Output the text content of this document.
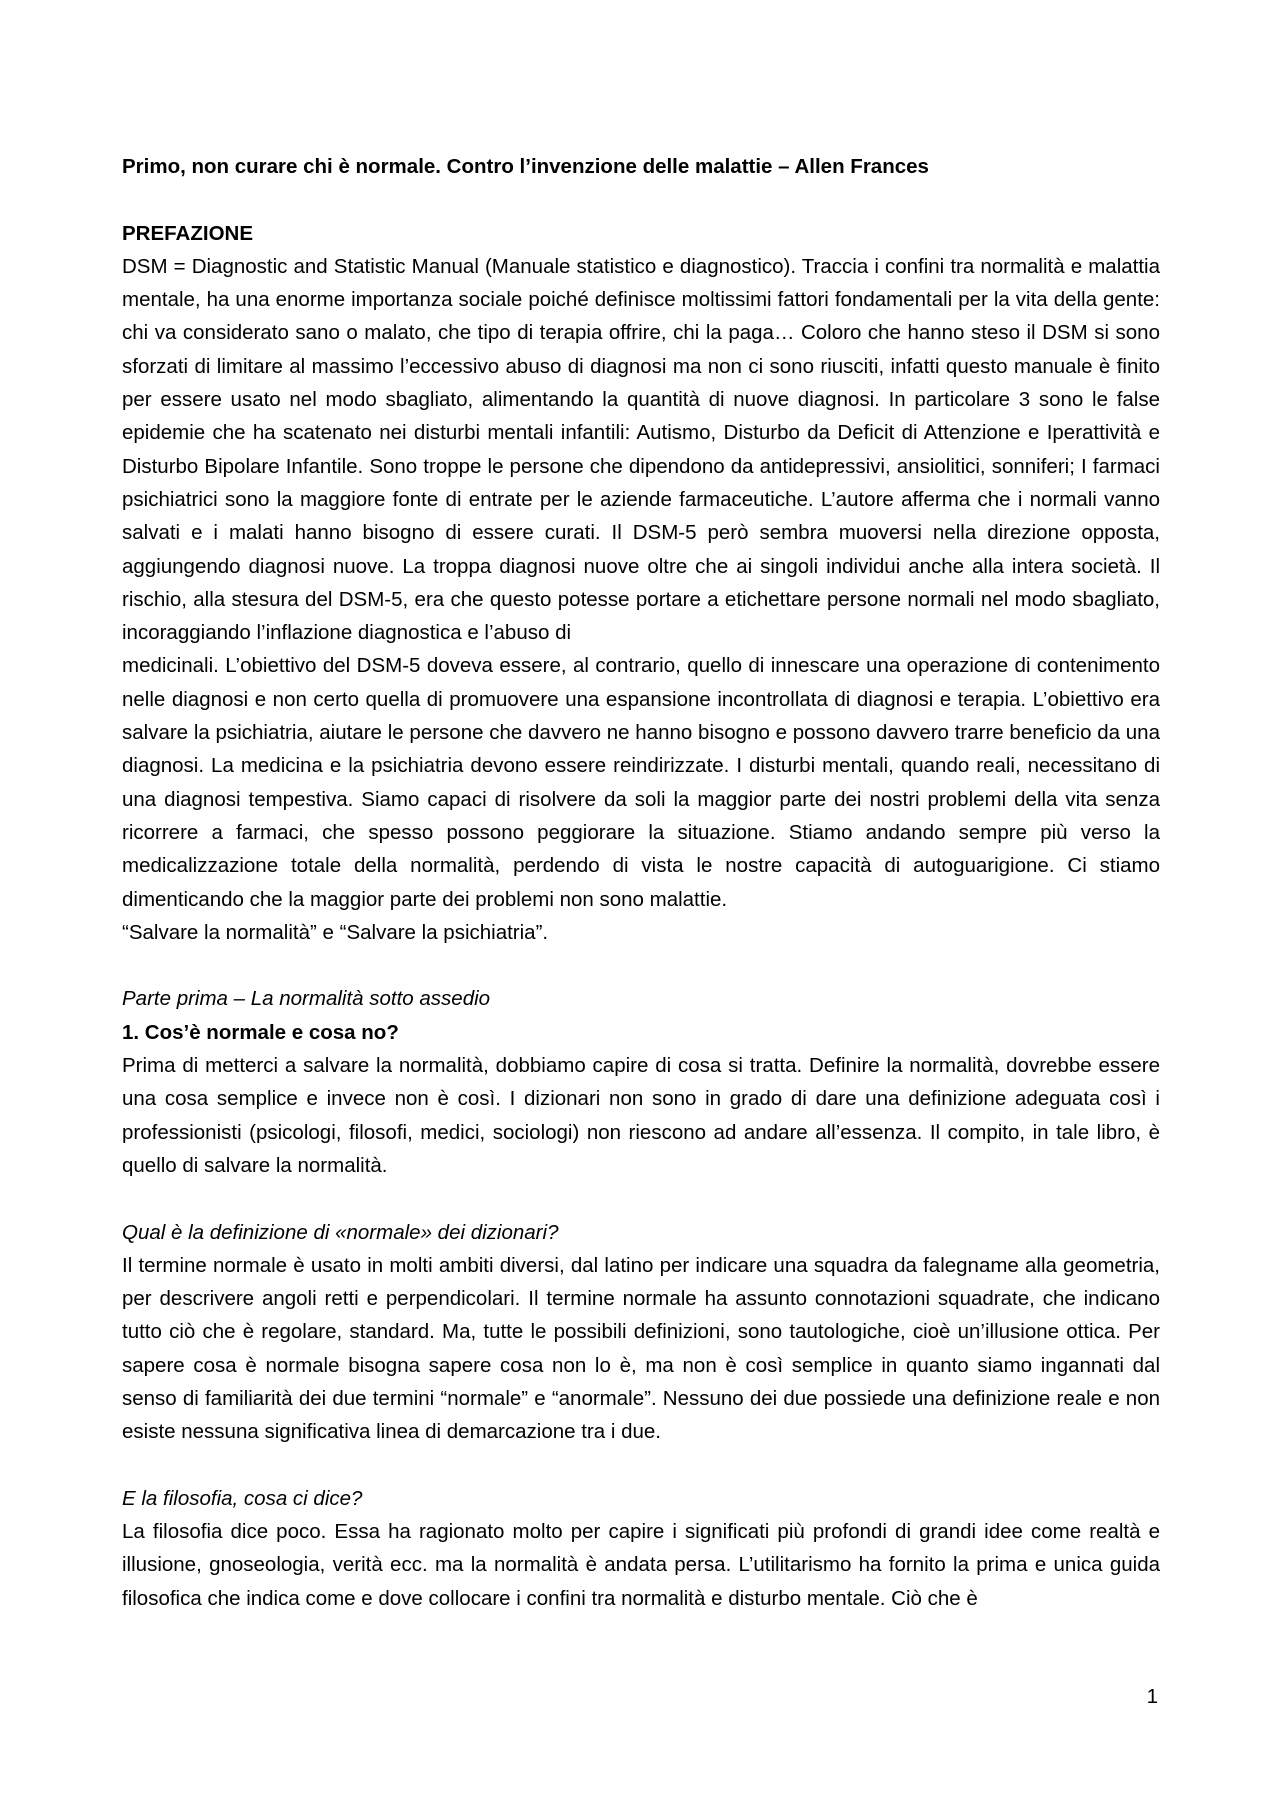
Primo, non curare chi è normale. Contro l’invenzione delle malattie – Allen Frances

PREFAZIONE

DSM = Diagnostic and Statistic Manual (Manuale statistico e diagnostico). Traccia i confini tra normalità e malattia mentale, ha una enorme importanza sociale poiché definisce moltissimi fattori fondamentali per la vita della gente: chi va considerato sano o malato, che tipo di terapia offrire, chi la paga… Coloro che hanno steso il DSM si sono sforzati di limitare al massimo l’eccessivo abuso di diagnosi ma non ci sono riusciti, infatti questo manuale è finito per essere usato nel modo sbagliato, alimentando la quantità di nuove diagnosi. In particolare 3 sono le false epidemie che ha scatenato nei disturbi mentali infantili: Autismo, Disturbo da Deficit di Attenzione e Iperattività e Disturbo Bipolare Infantile. Sono troppe le persone che dipendono da antidepressivi, ansiolitici, sonniferi; I farmaci psichiatrici sono la maggiore fonte di entrate per le aziende farmaceutiche. L’autore afferma che i normali vanno salvati e i malati hanno bisogno di essere curati. Il DSM-5 però sembra muoversi nella direzione opposta, aggiungendo diagnosi nuove. La troppa diagnosi nuove oltre che ai singoli individui anche alla intera società. Il rischio, alla stesura del DSM-5, era che questo potesse portare a etichettare persone normali nel modo sbagliato, incoraggiando l’inflazione diagnostica e l’abuso di

medicinali. L’obiettivo del DSM-5 doveva essere, al contrario, quello di innescare una operazione di contenimento nelle diagnosi e non certo quella di promuovere una espansione incontrollata di diagnosi e terapia. L’obiettivo era salvare la psichiatria, aiutare le persone che davvero ne hanno bisogno e possono davvero trarre beneficio da una diagnosi. La medicina e la psichiatria devono essere reindirizzate. I disturbi mentali, quando reali, necessitano di una diagnosi tempestiva. Siamo capaci di risolvere da soli la maggior parte dei nostri problemi della vita senza ricorrere a farmaci, che spesso possono peggiorare la situazione. Stiamo andando sempre più verso la medicalizzazione totale della normalità, perdendo di vista le nostre capacità di autoguarigione. Ci stiamo dimenticando che la maggior parte dei problemi non sono malattie.

“Salvare la normalità” e “Salvare la psichiatria”.

Parte prima – La normalità sotto assedio

1. Cos’è normale e cosa no?

Prima di metterci a salvare la normalità, dobbiamo capire di cosa si tratta. Definire la normalità, dovrebbe essere una cosa semplice e invece non è così. I dizionari non sono in grado di dare una definizione adeguata così i professionisti (psicologi, filosofi, medici, sociologi) non riescono ad andare all’essenza. Il compito, in tale libro, è quello di salvare la normalità.

Qual è la definizione di «normale» dei dizionari?

Il termine normale è usato in molti ambiti diversi, dal latino per indicare una squadra da falegname alla geometria, per descrivere angoli retti e perpendicolari. Il termine normale ha assunto connotazioni squadrate, che indicano tutto ciò che è regolare, standard. Ma, tutte le possibili definizioni, sono tautologiche, cioè un’illusione ottica. Per sapere cosa è normale bisogna sapere cosa non lo è, ma non è così semplice in quanto siamo ingannati dal senso di familiarità dei due termini “normale” e “anormale”. Nessuno dei due possiede una definizione reale e non esiste nessuna significativa linea di demarcazione tra i due.

E la filosofia, cosa ci dice?

La filosofia dice poco. Essa ha ragionato molto per capire i significati più profondi di grandi idee come realtà e illusione, gnoseologia, verità ecc. ma la normalità è andata persa. L’utilitarismo ha fornito la prima e unica guida filosofica che indica come e dove collocare i confini tra normalità e disturbo mentale. Ciò che è

1
